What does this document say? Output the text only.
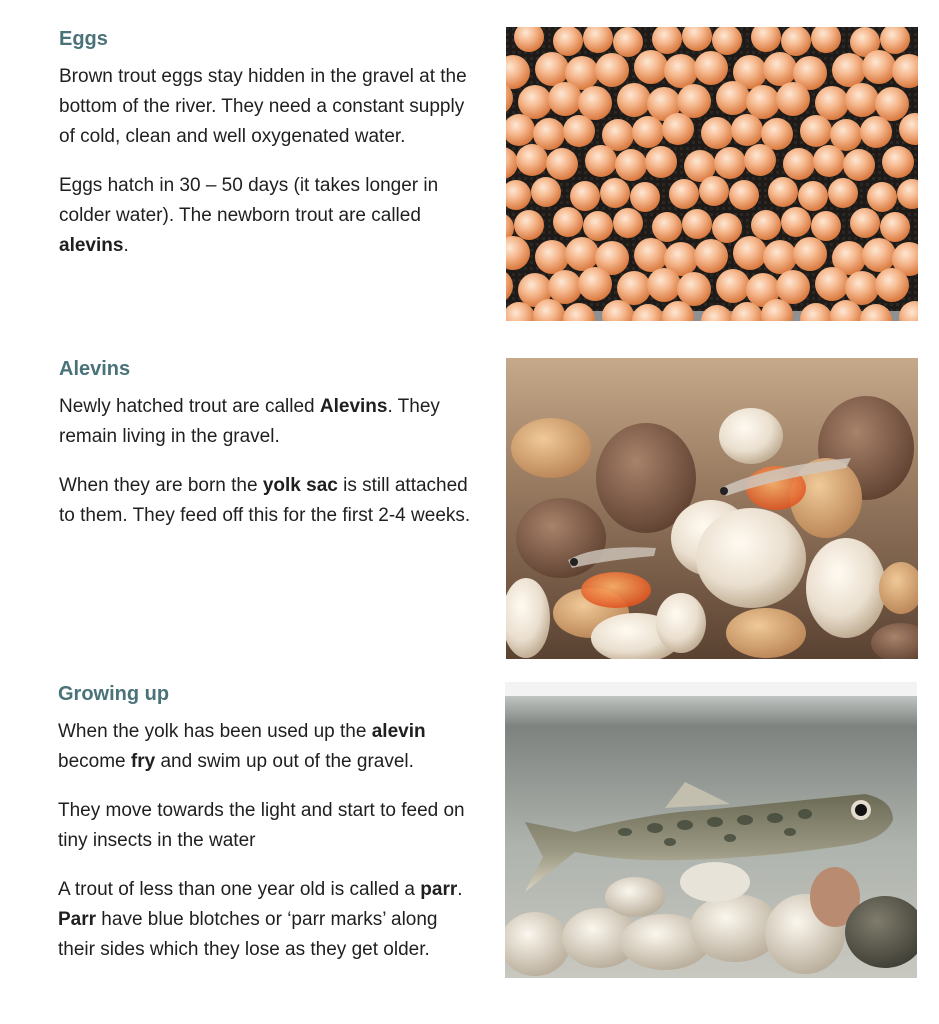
Eggs

Brown trout eggs stay hidden in the gravel at the bottom of the river. They need a constant supply of cold, clean and well oxygenated water.

Eggs hatch in 30 – 50 days (it takes longer in colder water). The newborn trout are called alevins.

Alevins

Newly hatched trout are called Alevins. They remain living in the gravel.

When they are born the yolk sac is still attached to them. They feed off this for the first 2-4 weeks.

Growing up

When the yolk has been used up the alevin become fry and swim up out of the gravel.

They move towards the light and start to feed on tiny insects in the water

A trout of less than one year old is called a parr. Parr have blue blotches or ‘parr marks’ along their sides which they lose as they get older.
